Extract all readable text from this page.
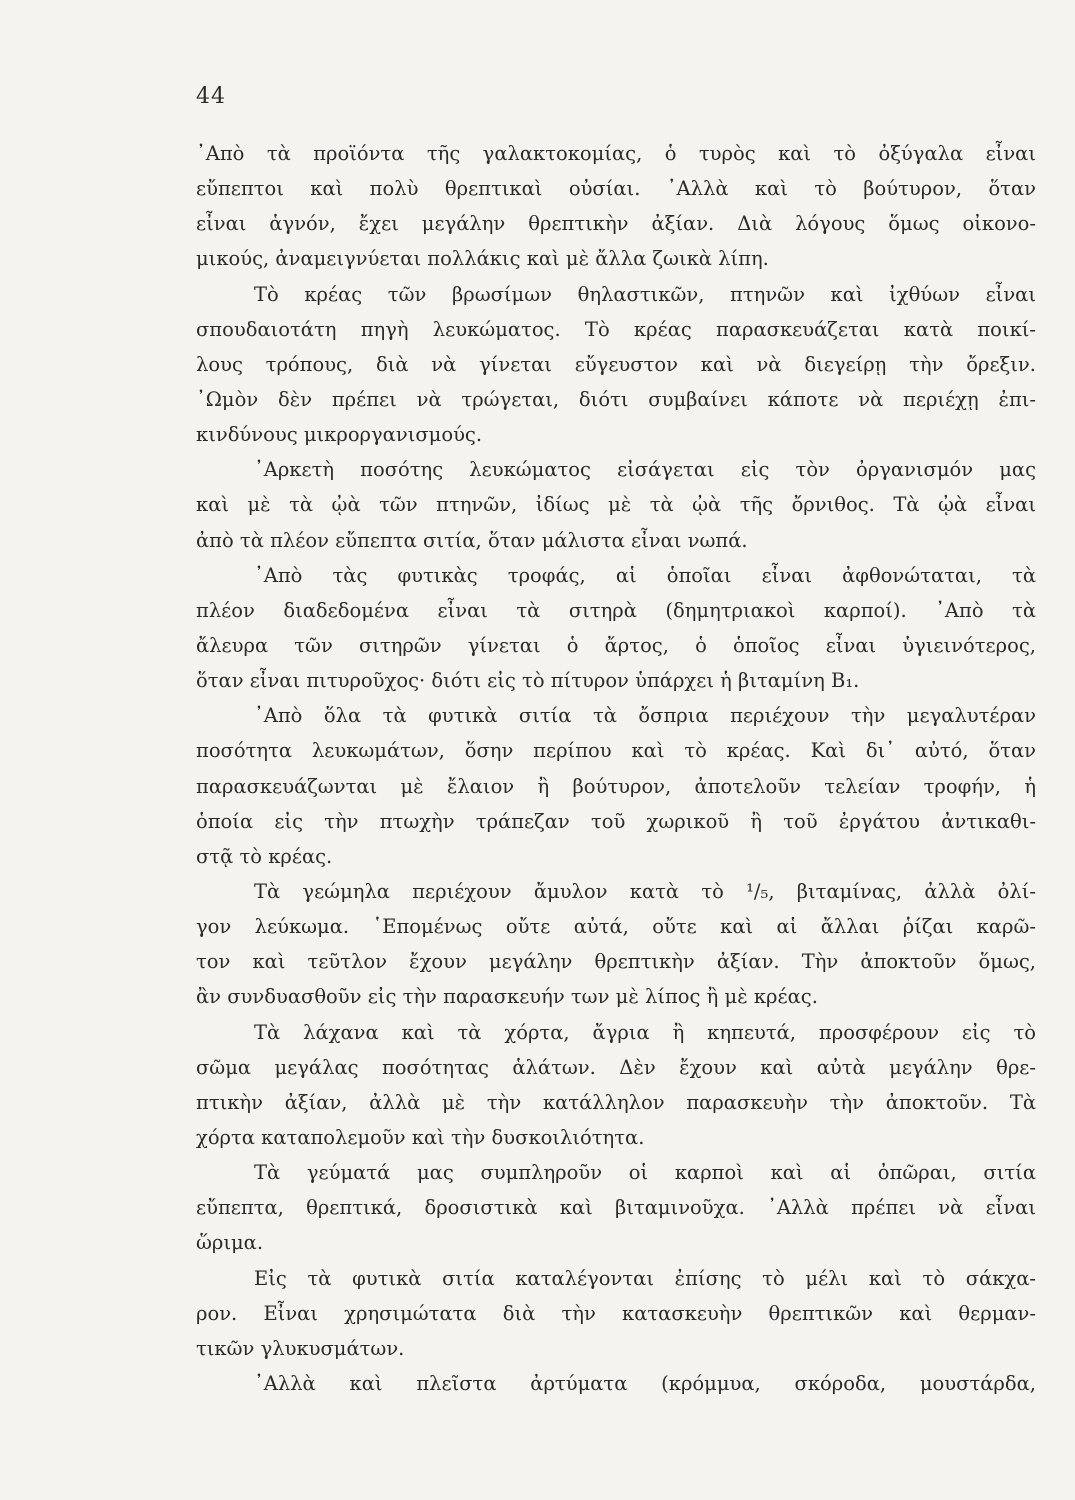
44
᾿Απὸ τὰ προϊόντα τῆς γαλακτοκομίας, ὁ τυρὸς καὶ τὸ ὀξύγαλα εἶναι
εὔπεπτοι καὶ πολὺ θρεπτικαὶ οὐσίαι. ᾿Αλλὰ καὶ τὸ βούτυρον, ὅταν
εἶναι ἁγνόν, ἔχει μεγάλην θρεπτικὴν ἀξίαν. Διὰ λόγους ὅμως οἰκονο-
μικούς, ἀναμειγνύεται πολλάκις καὶ μὲ ἄλλα ζωικὰ λίπη.
Τὸ κρέας τῶν βρωσίμων θηλαστικῶν, πτηνῶν καὶ ἰχθύων εἶναι
σπουδαιοτάτη πηγὴ λευκώματος. Τὸ κρέας παρασκευάζεται κατὰ ποικί-
λους τρόπους, διὰ νὰ γίνεται εὔγευστον καὶ νὰ διεγείρῃ τὴν ὄρεξιν.
᾿Ωμὸν δὲν πρέπει νὰ τρώγεται, διότι συμβαίνει κάποτε νὰ περιέχῃ ἐπι-
κινδύνους μικροργανισμούς.
᾿Αρκετὴ ποσότης λευκώματος εἰσάγεται εἰς τὸν ὀργανισμόν μας
καὶ μὲ τὰ ᾠὰ τῶν πτηνῶν, ἰδίως μὲ τὰ ᾠὰ τῆς ὄρνιθος. Τὰ ᾠὰ εἶναι
ἀπὸ τὰ πλέον εὔπεπτα σιτία, ὅταν μάλιστα εἶναι νωπά.
᾿Απὸ τὰς φυτικὰς τροφάς, αἱ ὁποῖαι εἶναι ἀφθονώταται, τὰ
πλέον διαδεδομένα εἶναι τὰ σιτηρὰ (δημητριακοὶ καρποί). ᾿Απὸ τὰ
ἄλευρα τῶν σιτηρῶν γίνεται ὁ ἄρτος, ὁ ὁποῖος εἶναι ὑγιεινότερος,
ὅταν εἶναι πιτυροῦχος· διότι εἰς τὸ πίτυρον ὑπάρχει ἡ βιταμίνη B₁.
᾿Απὸ ὅλα τὰ φυτικὰ σιτία τὰ ὄσπρια περιέχουν τὴν μεγαλυτέραν
ποσότητα λευκωμάτων, ὅσην περίπου καὶ τὸ κρέας. Καὶ δι᾿ αὐτό, ὅταν
παρασκευάζωνται μὲ ἔλαιον ἢ βούτυρον, ἀποτελοῦν τελείαν τροφήν, ἡ
ὁποία εἰς τὴν πτωχὴν τράπεζαν τοῦ χωρικοῦ ἢ τοῦ ἐργάτου ἀντικαθι-
στᾷ τὸ κρέας.
Τὰ γεώμηλα περιέχουν ἄμυλον κατὰ τὸ ¹/₅, βιταμίνας, ἀλλὰ ὀλί-
γον λεύκωμα. ῾Επομένως οὔτε αὐτά, οὔτε καὶ αἱ ἄλλαι ῥίζαι καρῶ-
τον καὶ τεῦτλον ἔχουν μεγάλην θρεπτικὴν ἀξίαν. Τὴν ἀποκτοῦν ὅμως,
ἂν συνδυασθοῦν εἰς τὴν παρασκευήν των μὲ λίπος ἢ μὲ κρέας.
Τὰ λάχανα καὶ τὰ χόρτα, ἄγρια ἢ κηπευτά, προσφέρουν εἰς τὸ
σῶμα μεγάλας ποσότητας ἁλάτων. Δὲν ἔχουν καὶ αὐτὰ μεγάλην θρε-
πτικὴν ἀξίαν, ἀλλὰ μὲ τὴν κατάλληλον παρασκευὴν τὴν ἀποκτοῦν. Τὰ
χόρτα καταπολεμοῦν καὶ τὴν δυσκοιλιότητα.
Τὰ γεύματά μας συμπληροῦν οἱ καρποὶ καὶ αἱ ὀπῶραι, σιτία
εὔπεπτα, θρεπτικά, δροσιστικὰ καὶ βιταμινοῦχα. ᾿Αλλὰ πρέπει νὰ εἶναι
ὥριμα.
Εἰς τὰ φυτικὰ σιτία καταλέγονται ἐπίσης τὸ μέλι καὶ τὸ σάκχα-
ρον. Εἶναι χρησιμώτατα διὰ τὴν κατασκευὴν θρεπτικῶν καὶ θερμαν-
τικῶν γλυκυσμάτων.
᾿Αλλὰ καὶ πλεῖστα ἀρτύματα (κρόμμυα, σκόροδα, μουστάρδα,
